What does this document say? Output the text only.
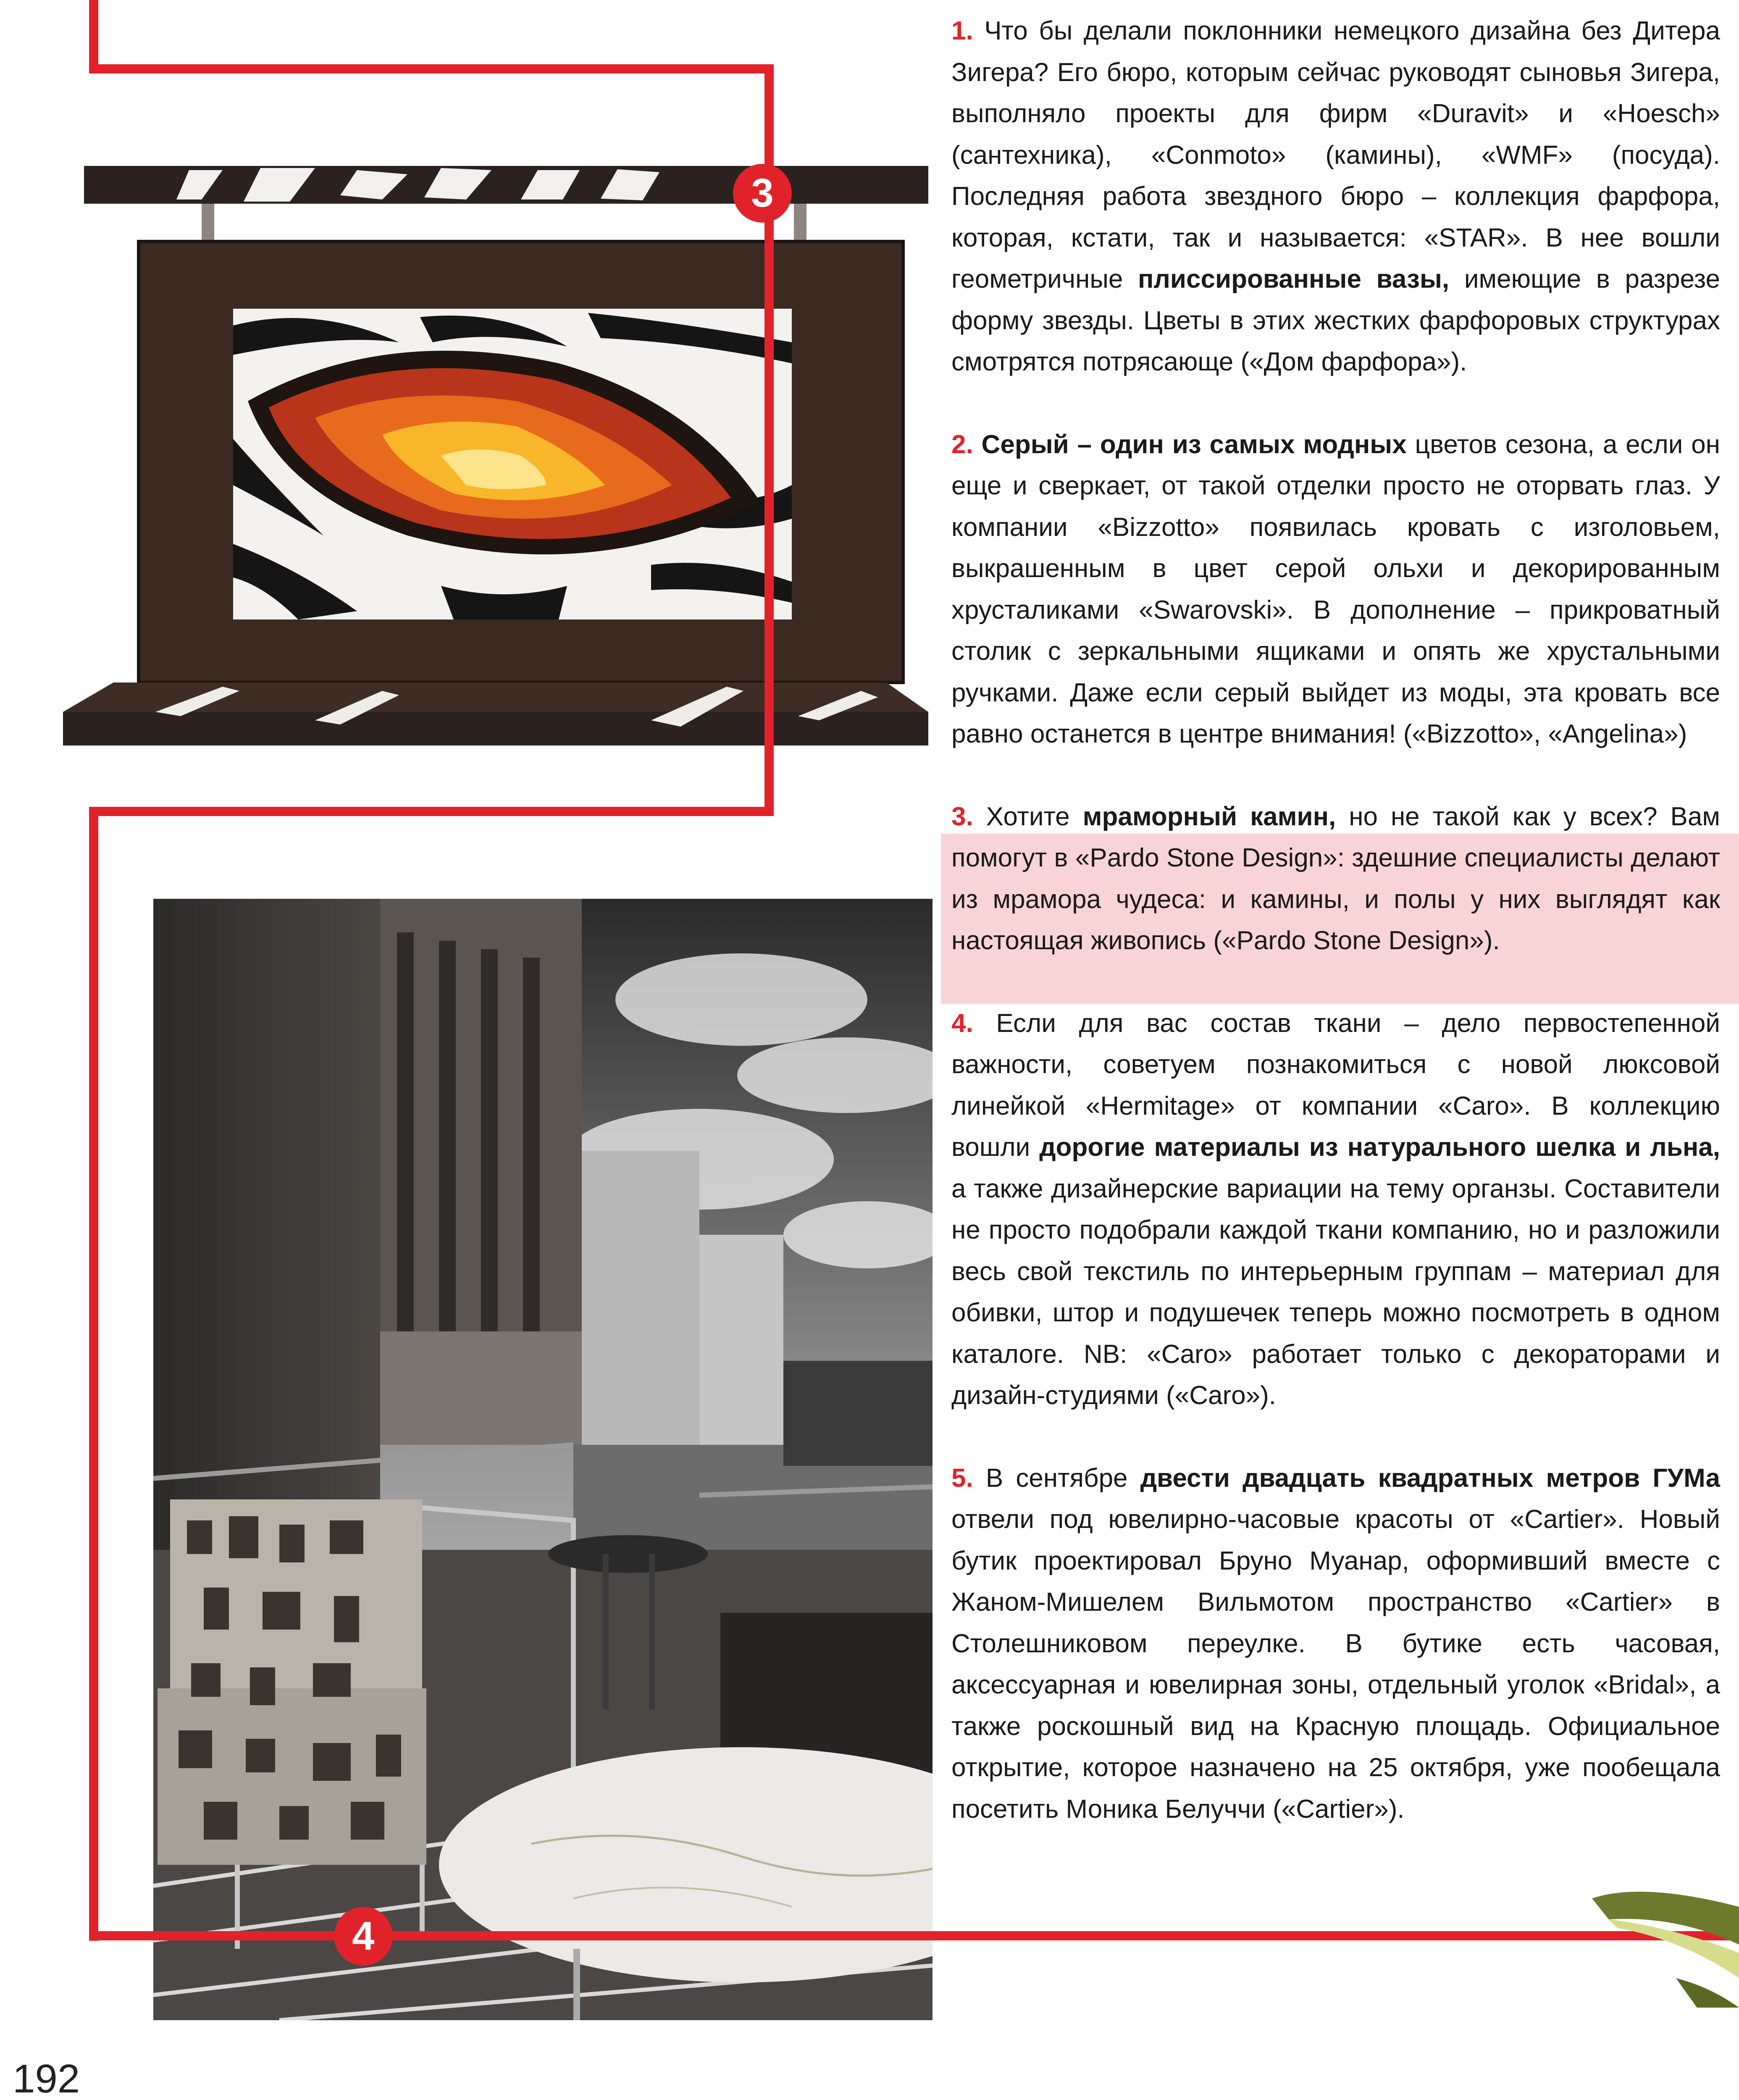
3
4

1. Что бы делали поклонники немецкого дизайна без Дитера Зигера? Его бюро, которым сейчас руководят сыновья Зигера, выполняло проекты для фирм «Duravit» и «Hoesch» (сантехника), «Conmoto» (камины), «WMF» (посуда). Последняя работа звездного бюро – коллекция фарфора, которая, кстати, так и называется: «STAR». В нее вошли геометричные плиссированные вазы, имеющие в разрезе форму звезды. Цветы в этих жестких фарфоровых структурах смотрятся потрясающе («Дом фарфора»).

2. Серый – один из самых модных цветов сезона, а если он еще и сверкает, от такой отделки просто не оторвать глаз. У компании «Bizzotto» появилась кровать с изголовьем, выкрашенным в цвет серой ольхи и декорированным хрусталиками «Swarovski». В дополнение – прикроватный столик с зеркальными ящиками и опять же хрустальными ручками. Даже если серый выйдет из моды, эта кровать все равно останется в центре внимания! («Bizzotto», «Angelina»)

3. Хотите мраморный камин, но не такой как у всех? Вам помогут в «Pardo Stone Design»: здешние специалисты делают из мрамора чудеса: и камины, и полы у них выглядят как настоящая живопись («Pardo Stone Design»).

4. Если для вас состав ткани – дело первостепенной важности, советуем познакомиться с новой люксовой линейкой «Hermitage» от компании «Caro». В коллекцию вошли дорогие материалы из натурального шелка и льна, а также дизайнерские вариации на тему органзы. Составители не просто подобрали каждой ткани компанию, но и разложили весь свой текстиль по интерьерным группам – материал для обивки, штор и подушечек теперь можно посмотреть в одном каталоге. NB: «Caro» работает только с декораторами и дизайн-студиями («Caro»).

5. В сентябре двести двадцать квадратных метров ГУМа отвели под ювелирно-часовые красоты от «Cartier». Новый бутик проектировал Бруно Муанар, оформивший вместе с Жаном-Мишелем Вильмотом пространство «Cartier» в Столешниковом переулке. В бутике есть часовая, аксессуарная и ювелирная зоны, отдельный уголок «Bridal», а также роскошный вид на Красную площадь. Официальное открытие, которое назначено на 25 октября, уже пообещала посетить Моника Белуччи («Cartier»).

192
